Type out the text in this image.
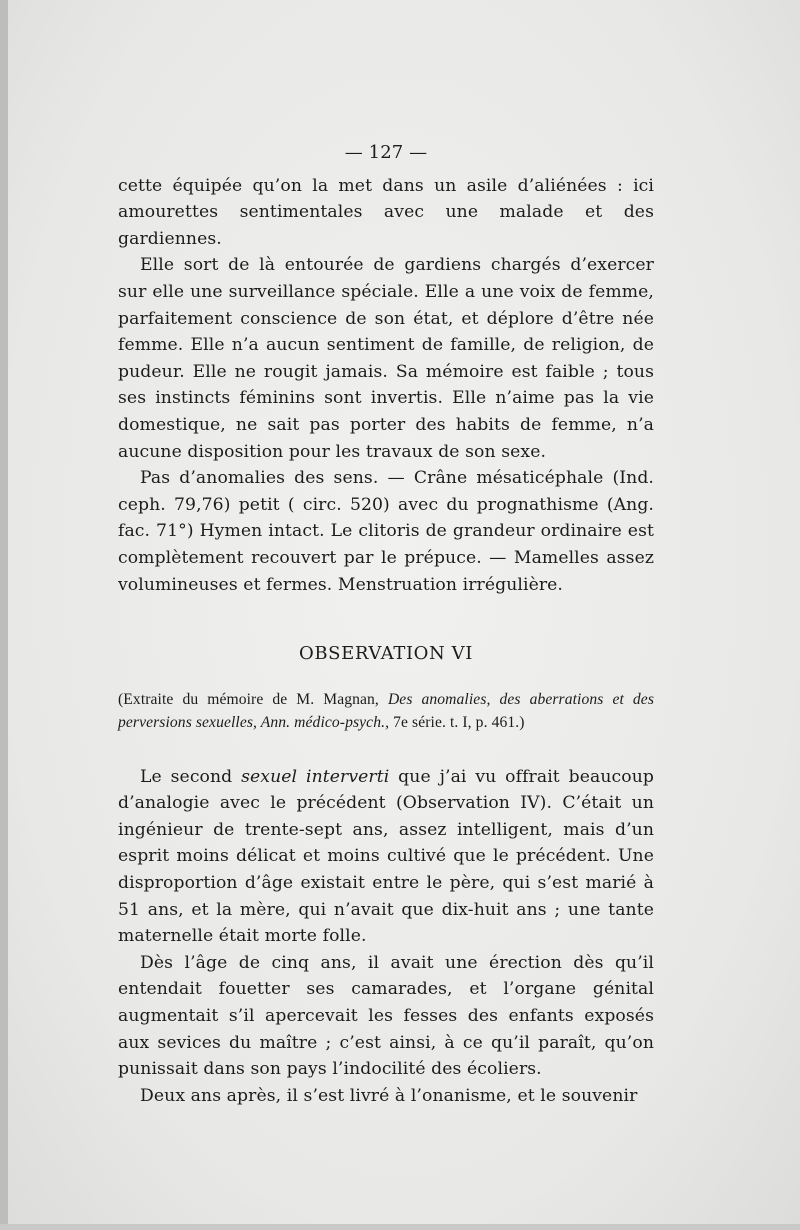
— 127 —

cette équipée qu’on la met dans un asile d’aliénées : ici amourettes sentimentales avec une malade et des gardiennes.

Elle sort de là entourée de gardiens chargés d’exercer sur elle une surveillance spéciale. Elle a une voix de femme, parfaitement conscience de son état, et déplore d’être née femme. Elle n’a aucun sentiment de famille, de religion, de pudeur. Elle ne rougit jamais. Sa mémoire est faible ; tous ses instincts féminins sont invertis. Elle n’aime pas la vie domestique, ne sait pas porter des habits de femme, n’a aucune disposition pour les travaux de son sexe.

Pas d’anomalies des sens. — Crâne mésaticéphale (Ind. ceph. 79,76) petit ( circ. 520) avec du prognathisme (Ang. fac. 71°) Hymen intact. Le clitoris de grandeur ordinaire est complètement recouvert par le prépuce. — Mamelles assez volumineuses et fermes. Menstruation irrégulière.

OBSERVATION VI

(Extraite du mémoire de M. Magnan, Des anomalies, des aberrations et des perversions sexuelles, Ann. médico-psych., 7e série. t. I, p. 461.)

Le second sexuel interverti que j’ai vu offrait beaucoup d’analogie avec le précédent (Observation IV). C’était un ingénieur de trente-sept ans, assez intelligent, mais d’un esprit moins délicat et moins cultivé que le précédent. Une disproportion d’âge existait entre le père, qui s’est marié à 51 ans, et la mère, qui n’avait que dix-huit ans ; une tante maternelle était morte folle.

Dès l’âge de cinq ans, il avait une érection dès qu’il entendait fouetter ses camarades, et l’organe génital augmentait s’il apercevait les fesses des enfants exposés aux sevices du maître ; c’est ainsi, à ce qu’il paraît, qu’on punissait dans son pays l’indocilité des écoliers.

Deux ans après, il s’est livré à l’onanisme, et le souvenir
